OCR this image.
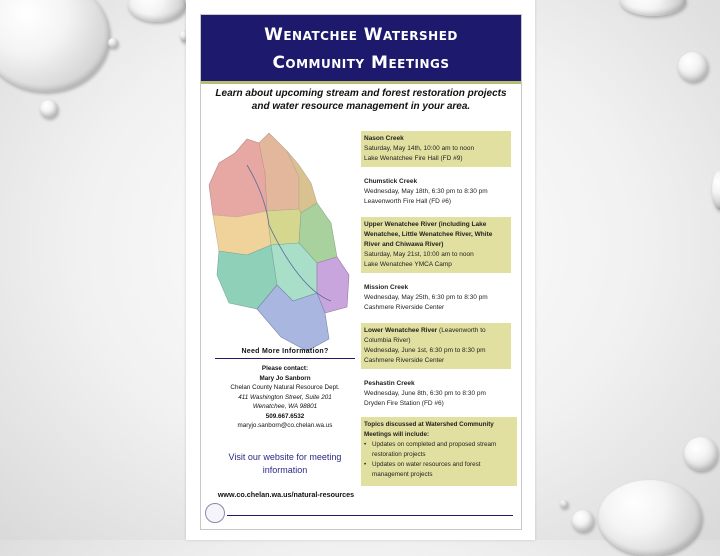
Wenatchee Watershed
Community Meetings
Learn about upcoming stream and forest restoration projects and water resource management in your area.
Nason Creek
Saturday, May 14th, 10:00 am to noon
Lake Wenatchee Fire Hall (FD #9)
Chumstick Creek
Wednesday, May 18th, 6:30 pm to 8:30 pm
Leavenworth Fire Hall (FD #6)
Upper Wenatchee River (including Lake Wenatchee, Little Wenatchee River, White River and Chiwawa River)
Saturday, May 21st, 10:00 am to noon
Lake Wenatchee YMCA Camp
Mission Creek
Wednesday, May 25th, 6:30 pm to 8:30 pm
Cashmere Riverside Center
Lower Wenatchee River (Leavenworth to Columbia River)
Wednesday, June 1st, 6:30 pm to 8:30 pm
Cashmere Riverside Center
Peshastin Creek
Wednesday, June 8th, 6:30 pm to 8:30 pm
Dryden Fire Station (FD #6)
Need More Information?
Please contact:
Mary Jo Sanborn
Chelan County Natural Resource Dept.
411 Washington Street, Suite 201
Wenatchee, WA 98801
509.667.6532
maryjo.sanborn@co.chelan.wa.us
Visit our website for meeting information
www.co.chelan.wa.us/natural-resources
Topics discussed at Watershed Community Meetings will include:
• Updates on completed and proposed stream restoration projects
• Updates on water resources and forest management projects
